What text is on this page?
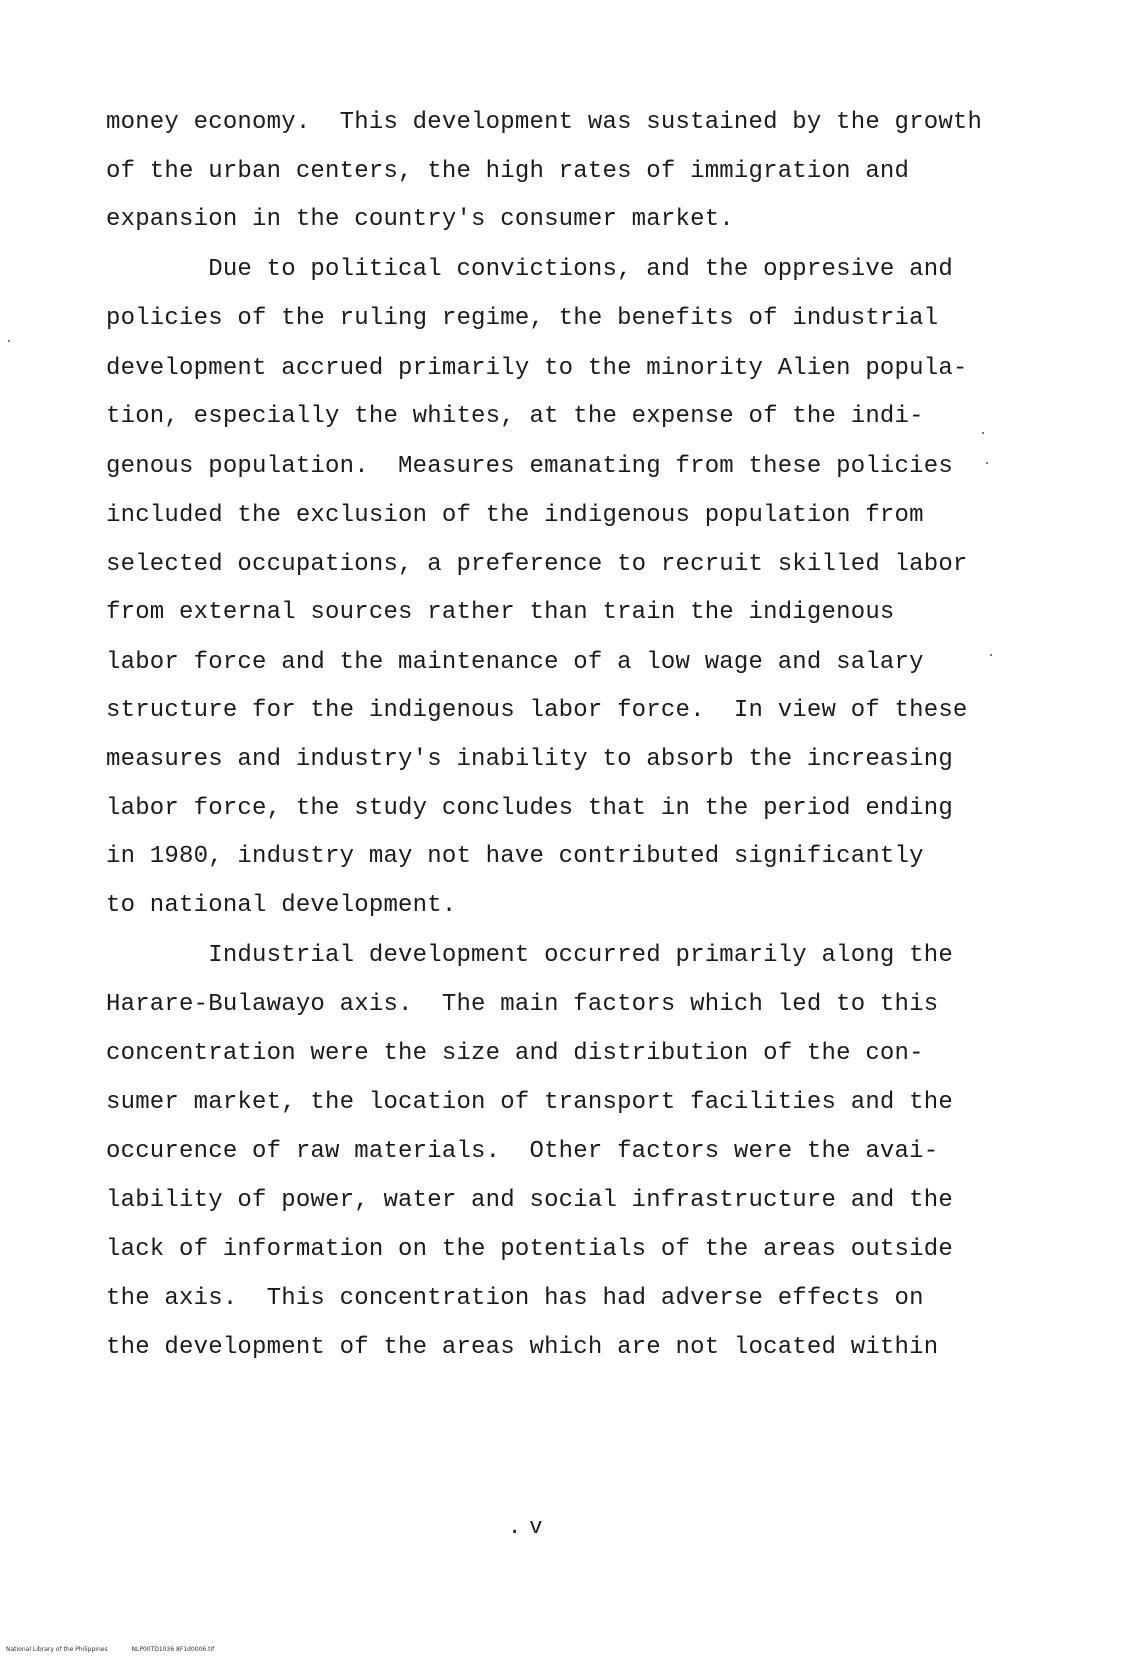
money economy.  This development was sustained by the growth
of the urban centers, the high rates of immigration and
expansion in the country's consumer market.
Due to political convictions, and the oppresive and
policies of the ruling regime, the benefits of industrial
development accrued primarily to the minority Alien popula-
tion, especially the whites, at the expense of the indi-
genous population.  Measures emanating from these policies
included the exclusion of the indigenous population from
selected occupations, a preference to recruit skilled labor
from external sources rather than train the indigenous
labor force and the maintenance of a low wage and salary
structure for the indigenous labor force.  In view of these
measures and industry's inability to absorb the increasing
labor force, the study concludes that in the period ending
in 1980, industry may not have contributed significantly
to national development.
Industrial development occurred primarily along the
Harare-Bulawayo axis.  The main factors which led to this
concentration were the size and distribution of the con-
sumer market, the location of transport facilities and the
occurence of raw materials.  Other factors were the avai-
lability of power, water and social infrastructure and the
lack of information on the potentials of the areas outside
the axis.  This concentration has had adverse effects on
the development of the areas which are not located within
. v
National Library of the Philippines	NLP00TD1036 8F1d0006.tif
